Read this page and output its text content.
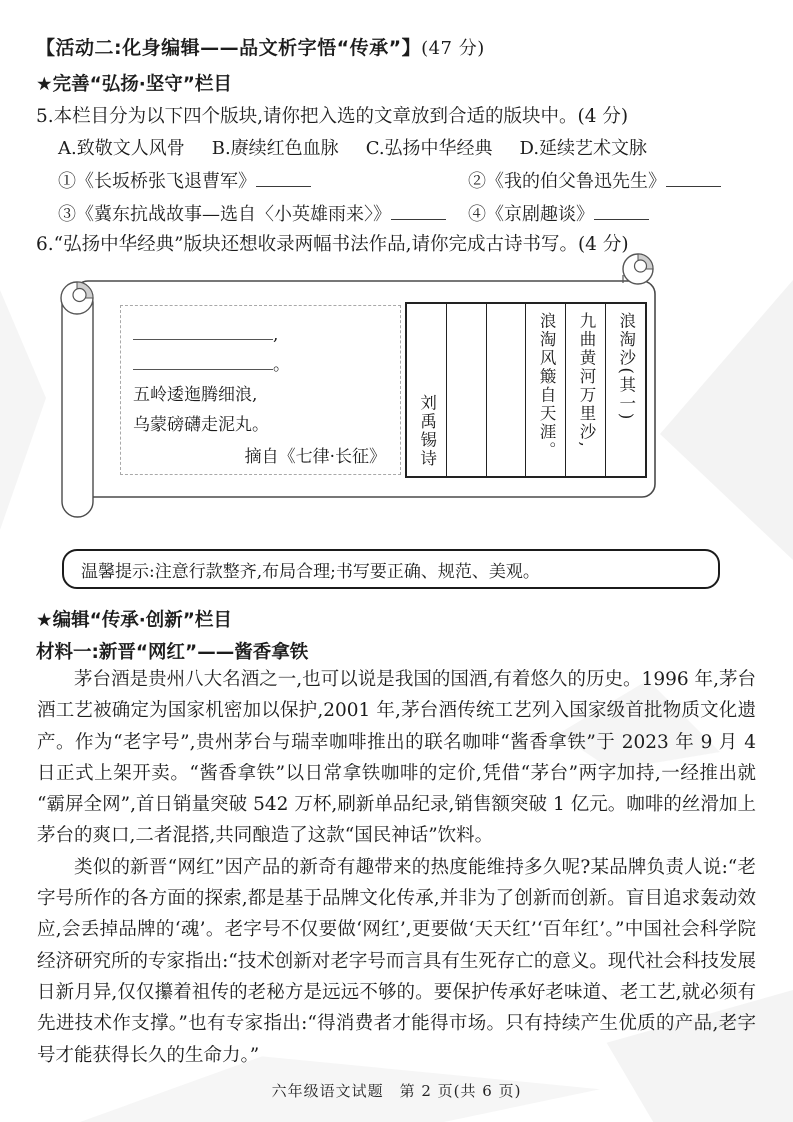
【活动二:化身编辑——品文析字悟“传承”】(47 分)
★完善“弘扬·坚守”栏目
5.本栏目分为以下四个版块,请你把入选的文章放到合适的版块中。(4 分)
A.致敬文人风骨 B.赓续红色血脉 C.弘扬中华经典 D.延续艺术文脉
①《长坂桥张飞退曹军》	②《我的伯父鲁迅先生》
③《冀东抗战故事—选自〈小英雄雨来〉》	④《京剧趣谈》
6.“弘扬中华经典”版块还想收录两幅书法作品,请你完成古诗书写。(4 分)
,
。
五岭逶迤腾细浪,
乌蒙磅礴走泥丸。
摘自《七律·长征》 刘禹锡诗	浪淘风簸自天涯。 九曲黄河万里沙, 浪淘沙(其一)
温馨提示:注意行款整齐,布局合理;书写要正确、规范、美观。
★编辑“传承·创新”栏目
材料一:新晋“网红”——酱香拿铁

茅台酒是贵州八大名酒之一,也可以说是我国的国酒,有着悠久的历史。1996 年,茅台酒工艺被确定为国家机密加以保护,2001 年,茅台酒传统工艺列入国家级首批物质文化遗产。作为“老字号”,贵州茅台与瑞幸咖啡推出的联名咖啡“酱香拿铁”于 2023 年 9 月 4 日正式上架开卖。“酱香拿铁”以日常拿铁咖啡的定价,凭借“茅台”两字加持,一经推出就“霸屏全网”,首日销量突破 542 万杯,刷新单品纪录,销售额突破 1 亿元。咖啡的丝滑加上茅台的爽口,二者混搭,共同酿造了这款“国民神话”饮料。

类似的新晋“网红”因产品的新奇有趣带来的热度能维持多久呢?某品牌负责人说:“老字号所作的各方面的探索,都是基于品牌文化传承,并非为了创新而创新。盲目追求轰动效应,会丢掉品牌的‘魂’。老字号不仅要做‘网红’,更要做‘天天红’‘百年红’。”中国社会科学院经济研究所的专家指出:“技术创新对老字号而言具有生死存亡的意义。现代社会科技发展日新月异,仅仅攥着祖传的老秘方是远远不够的。要保护传承好老味道、老工艺,就必须有先进技术作支撑。”也有专家指出:“得消费者才能得市场。只有持续产生优质的产品,老字号才能获得长久的生命力。”

六年级语文试题　第 2 页(共 6 页)
